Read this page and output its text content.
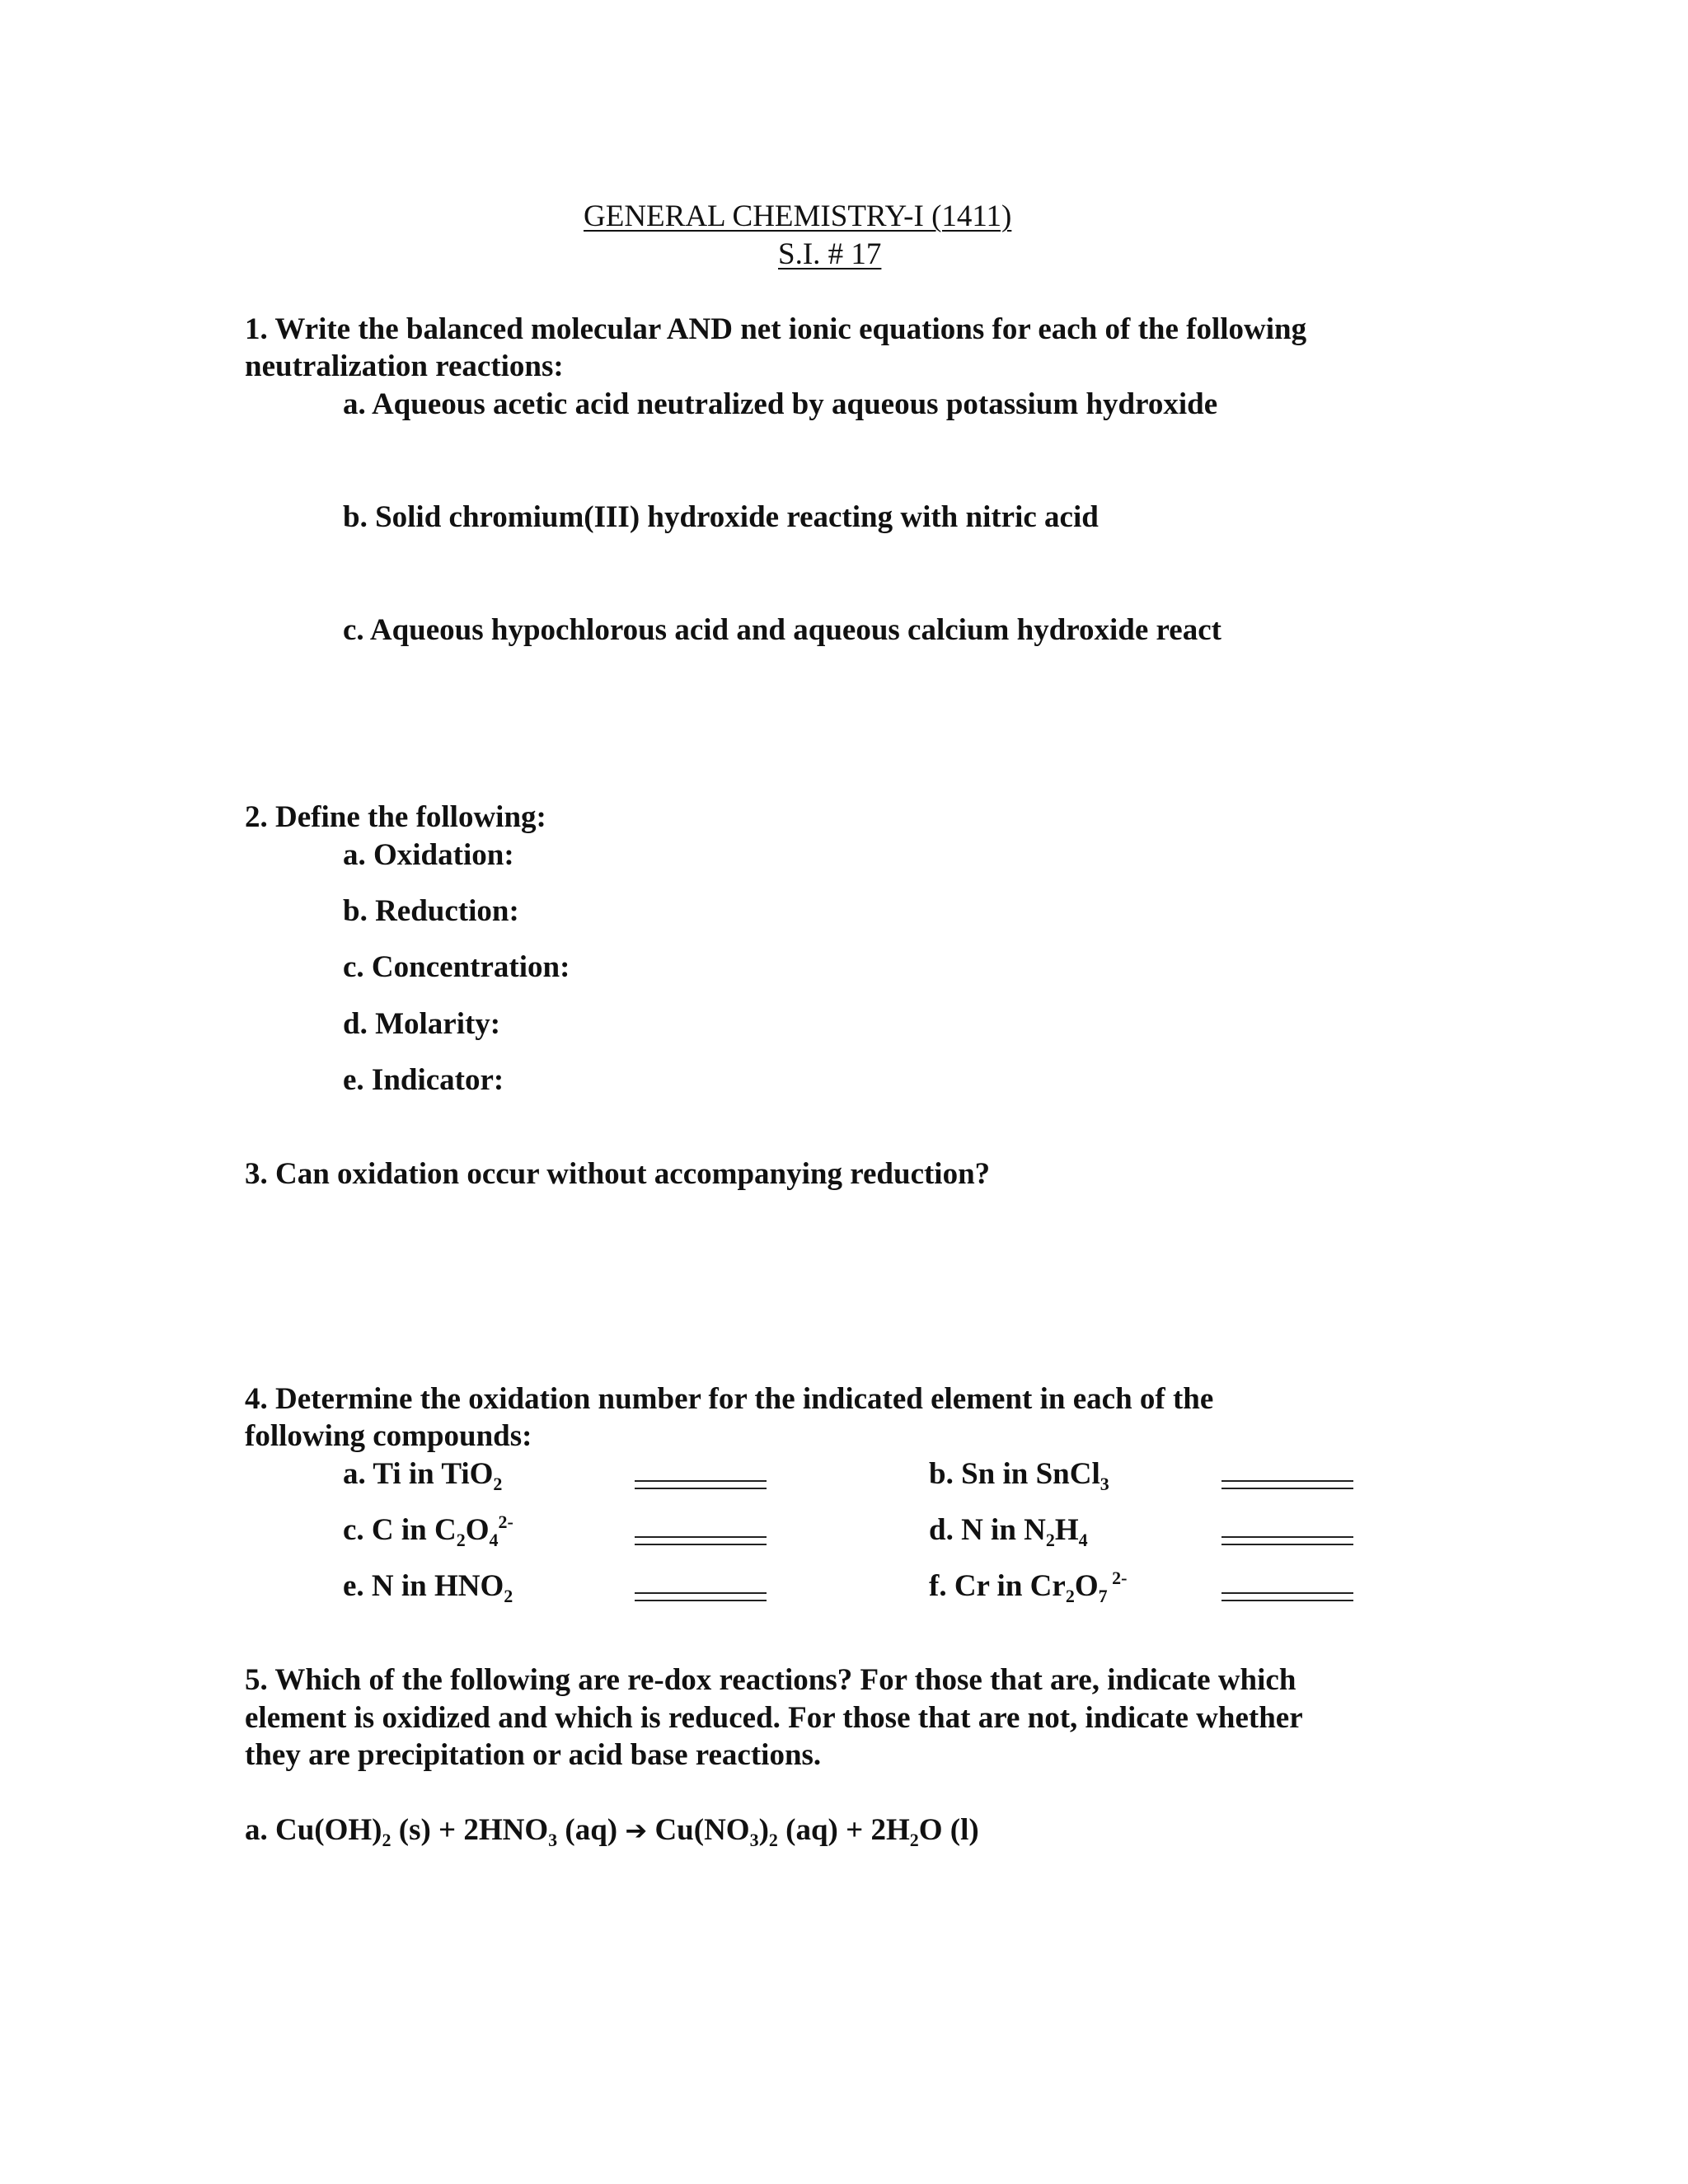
GENERAL CHEMISTRY-I (1411)
S.I. # 17
1. Write the balanced molecular AND net ionic equations for each of the following
neutralization reactions:
a. Aqueous acetic acid neutralized by aqueous potassium hydroxide
b. Solid chromium(III) hydroxide reacting with nitric acid
c. Aqueous hypochlorous acid and aqueous calcium hydroxide react
2. Define the following:
a. Oxidation:
b. Reduction:
c. Concentration:
d. Molarity:
e. Indicator:
3. Can oxidation occur without accompanying reduction?
4. Determine the oxidation number for the indicated element in each of the
following compounds:
a. Ti in TiO$_2$	b. Sn in SnCl$_3$
c. C in $C_2O_4^{2-}$	d. N in $N_2H_4$
e. N in $HNO_2$	f. Cr in $Cr_2O_7$ $^{2-}$
5. Which of the following are re-dox reactions? For those that are, indicate which
element is oxidized and which is reduced. For those that are not, indicate whether
they are precipitation or acid base reactions.
a. $Cu(OH)_2$ $(s) + 2HNO_3$ (aq) ➔ $Cu(NO_3)_2$ $(aq) + 2H_2O$ (l)
